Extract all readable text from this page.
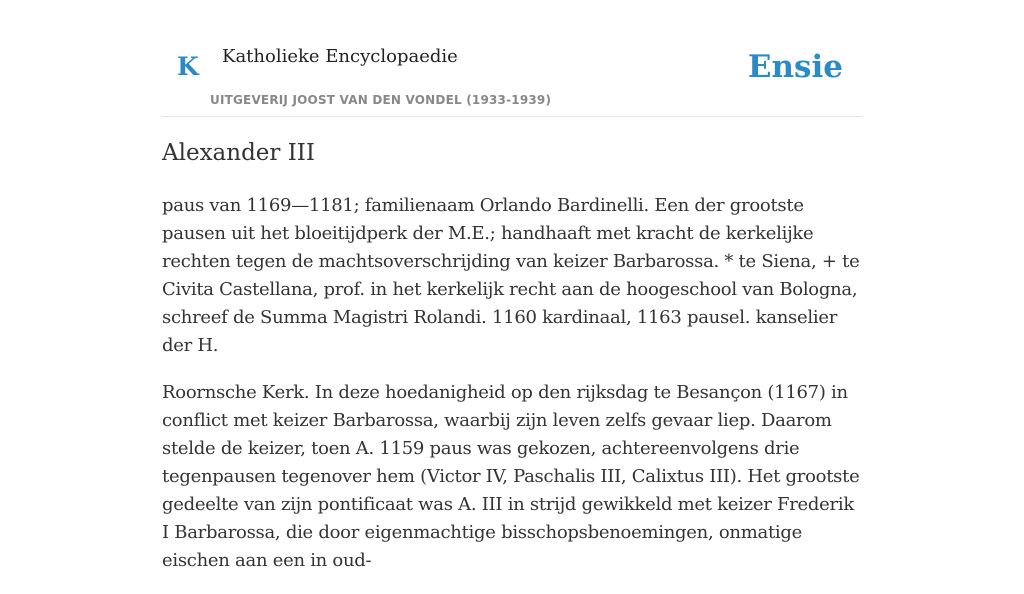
K Katholieke Encyclopaedie
UITGEVERIJ JOOST VAN DEN VONDEL (1933-1939)
Ensie
Alexander III

paus van 1169—1181; familienaam Orlando Bardinelli. Een der grootste pausen uit het bloeitijdperk der M.E.; handhaaft met kracht de kerkelijke rechten tegen de machtsoverschrijding van keizer Barbarossa. * te Siena, + te Civita Castellana, prof. in het kerkelijk recht aan de hoogeschool van Bologna, schreef de Summa Magistri Rolandi. 1160 kardinaal, 1163 pausel. kanselier der H.

Roornsche Kerk. In deze hoedanigheid op den rijksdag te Besançon (1167) in conflict met keizer Barbarossa, waarbij zijn leven zelfs gevaar liep. Daarom stelde de keizer, toen A. 1159 paus was gekozen, achtereenvolgens drie tegenpausen tegenover hem (Victor IV, Paschalis III, Calixtus III). Het grootste gedeelte van zijn pontificaat was A. III in strijd gewikkeld met keizer Frederik I Barbarossa, die door eigenmachtige bisschopsbenoemingen, onmatige eischen aan een in oud-
